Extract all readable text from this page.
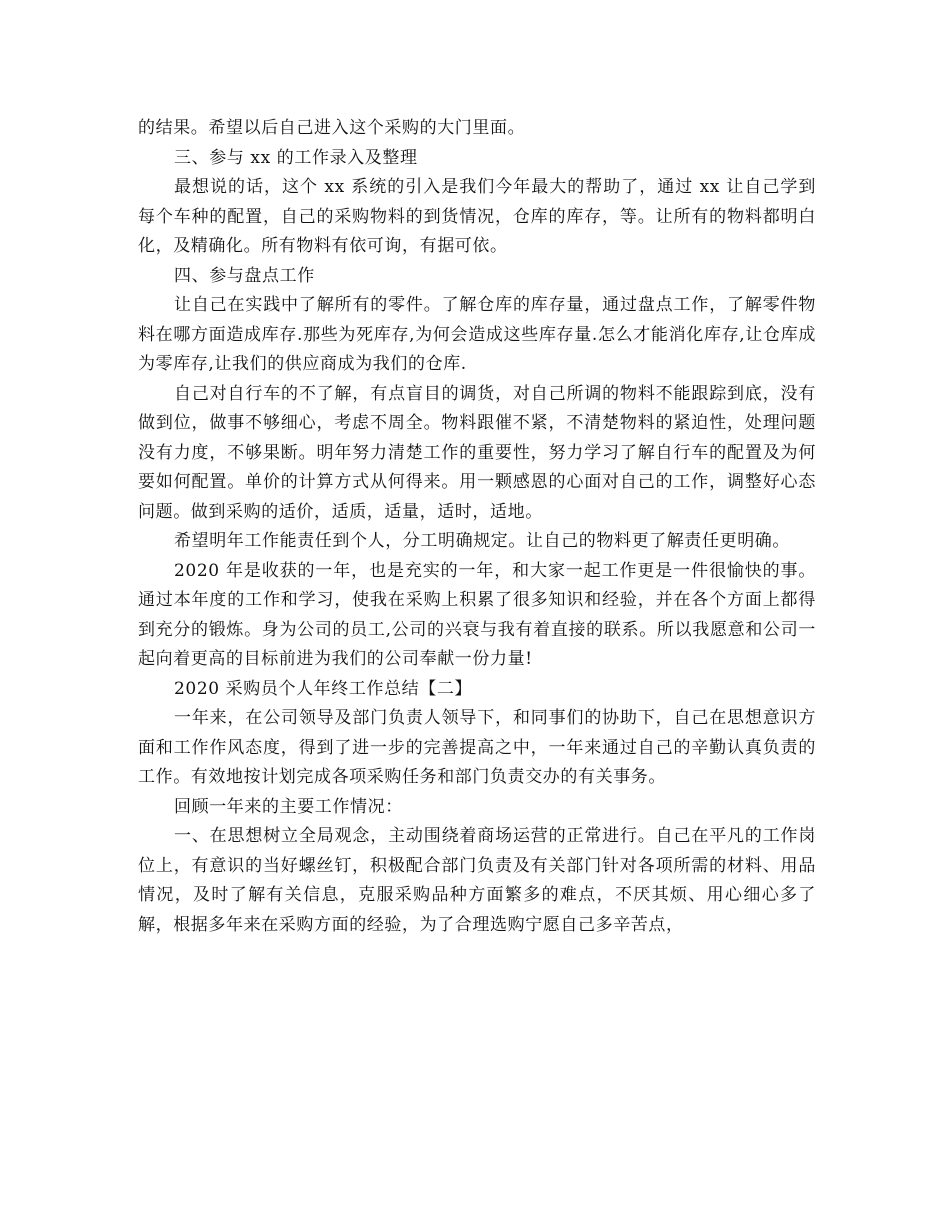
的结果。希望以后自己进入这个采购的大门里面。

三、参与 xx 的工作录入及整理

最想说的话，这个 xx 系统的引入是我们今年最大的帮助了，通过 xx 让自己学到每个车种的配置，自己的采购物料的到货情况，仓库的库存，等。让所有的物料都明白化，及精确化。所有物料有依可询，有据可依。

四、参与盘点工作

让自己在实践中了解所有的零件。了解仓库的库存量，通过盘点工作，了解零件物料在哪方面造成库存.那些为死库存,为何会造成这些库存量.怎么才能消化库存,让仓库成为零库存,让我们的供应商成为我们的仓库.

自己对自行车的不了解，有点盲目的调货，对自己所调的物料不能跟踪到底，没有做到位，做事不够细心，考虑不周全。物料跟催不紧，不清楚物料的紧迫性，处理问题没有力度，不够果断。明年努力清楚工作的重要性，努力学习了解自行车的配置及为何要如何配置。单价的计算方式从何得来。用一颗感恩的心面对自己的工作，调整好心态问题。做到采购的适价，适质，适量，适时，适地。

希望明年工作能责任到个人，分工明确规定。让自己的物料更了解责任更明确。

2020 年是收获的一年，也是充实的一年，和大家一起工作更是一件很愉快的事。通过本年度的工作和学习，使我在采购上积累了很多知识和经验，并在各个方面上都得到充分的锻炼。身为公司的员工,公司的兴衰与我有着直接的联系。所以我愿意和公司一起向着更高的目标前进为我们的公司奉献一份力量!

2020 采购员个人年终工作总结【二】

一年来，在公司领导及部门负责人领导下，和同事们的协助下，自己在思想意识方面和工作作风态度，得到了进一步的完善提高之中，一年来通过自己的辛勤认真负责的工作。有效地按计划完成各项采购任务和部门负责交办的有关事务。

回顾一年来的主要工作情况：

一、在思想树立全局观念，主动围绕着商场运营的正常进行。自己在平凡的工作岗位上，有意识的当好螺丝钉，积极配合部门负责及有关部门针对各项所需的材料、用品情况，及时了解有关信息，克服采购品种方面繁多的难点，不厌其烦、用心细心多了解，根据多年来在采购方面的经验，为了合理选购宁愿自己多辛苦点，
